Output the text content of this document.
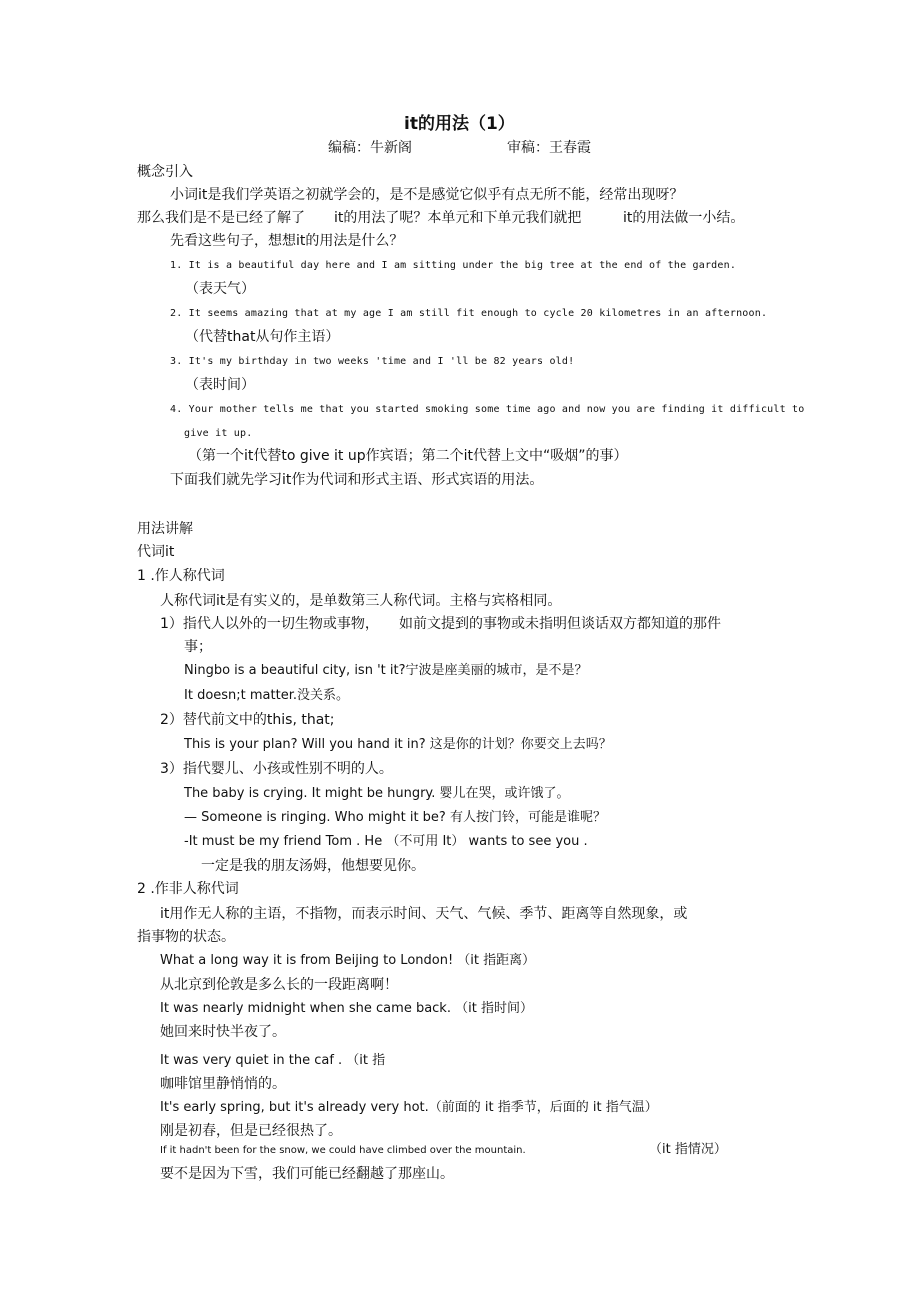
it的用法（1）
编稿：牛新阁	审稿：王春霞
概念引入
小词it是我们学英语之初就学会的，是不是感觉它似乎有点无所不能，经常出现呀？
那么我们是不是已经了解了 it的用法了呢？本单元和下单元我们就把	it的用法做一小结。
先看这些句子，想想it的用法是什么？
1. It is a beautiful day here and I am sitting under the big tree at the end of the garden.
（表天气）
2. It seems amazing that at my age I am still fit enough to cycle 20 kilometres in an afternoon.
（代替that从句作主语）
3. It's my birthday in two weeks 'time and I 'll be 82 years old!
（表时间）
4. Your mother tells me that you started smoking some time ago and now you are finding it difficult to
give it up.
（第一个it代替to give it up作宾语；第二个it代替上文中“吸烟”的事）
下面我们就先学习it作为代词和形式主语、形式宾语的用法。
用法讲解
代词it
1 .作人称代词
人称代词it是有实义的，是单数第三人称代词。主格与宾格相同。
1）指代人以外的一切生物或事物， 如前文提到的事物或未指明但谈话双方都知道的那件
事；
Ningbo is a beautiful city, isn 't it?宁波是座美丽的城市，是不是？
It doesn;t matter.没关系。
2）替代前文中的this, that;
This is your plan? Will you hand it in? 这是你的计划？你要交上去吗？
3）指代婴儿、小孩或性别不明的人。
The baby is crying. It might be hungry. 婴儿在哭，或许饿了。
— Someone is ringing. Who might it be? 有人按门铃，可能是谁呢？
-It must be my friend Tom . He （不可用 It） wants to see you .
一定是我的朋友汤姆，他想要见你。
2 .作非人称代词
it用作无人称的主语，不指物，而表示时间、天气、气候、季节、距离等自然现象，或
指事物的状态。
What a long way it is from Beijing to London! （it 指距离）
从北京到伦敦是多么长的一段距离啊！
It was nearly midnight when she came back. （it 指时间）
她回来时快半夜了。
It was very quiet in the caf . （it 指
咖啡馆里静悄悄的。
It's early spring, but it's already very hot.（前面的 it 指季节，后面的 it 指气温）
刚是初春，但是已经很热了。
If it hadn't been for the snow, we could have climbed over the mountain.	（it 指情况）
要不是因为下雪，我们可能已经翻越了那座山。
